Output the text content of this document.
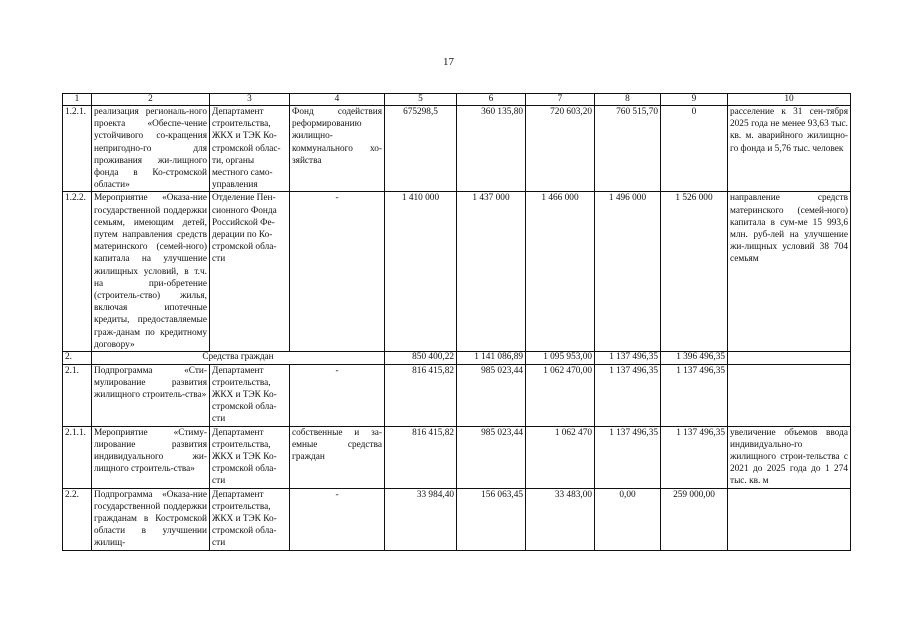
17
1	2	3	4	5	6	7	8	9	10
1.2.1.	реализация региональ-ного проекта «Обеспе-чение устойчивого со-кращения непригодно-го для проживания жи-лищного фонда в Ко-стромской области»	Департамент строительства, ЖКХ и ТЭК Ко-стромской облас-ти, органы местного само-управления	Фонд содействия реформированию жилищно-коммунального хо-зяйства	675298,5	360 135,80	720 603,20	760 515,70	0	расселение к 31 сен-тября 2025 года не менее 93,63 тыс. кв. м. аварийного жилищно-го фонда и 5,76 тыс. человек
1.2.2.	Мероприятие «Оказа-ние государственной поддержки семьям, имеющим детей, путем направления средств материнского (семей-ного) капитала на улучшение жилищных условий, в т.ч. на при-обретение (строитель-ство) жилья, включая ипотечные кредиты, предоставляемые граж-данам по кредитному договору»	Отделение Пен-сионного Фонда Российской Фе-дерации по Ко-стромской обла-сти	-	1 410 000	1 437 000	1 466 000	1 496 000	1 526 000	направление средств материнского (семей-ного) капитала в сум-ме 15 993,6 млн. руб-лей на улучшение жи-лищных условий 38 704 семьям
2.	Средства граждан			850 400,22	1 141 086,89	1 095 953,00	1 137 496,35	1 396 496,35	
2.1.	Подпрограмма «Сти-мулирование развития жилищного строитель-ства»	Департамент строительства, ЖКХ и ТЭК Ко-стромской обла-сти	-	816 415,82	985 023,44	1 062 470,00	1 137 496,35	1 137 496,35	
2.1.1.	Мероприятие «Стиму-лирование развития индивидуального жи-лищного строитель-ства»	Департамент строительства, ЖКХ и ТЭК Ко-стромской обла-сти	собственные и за-емные средства граждан	816 415,82	985 023,44	1 062 470	1 137 496,35	1 137 496,35	увеличение объемов ввода индивидуально-го жилищного строи-тельства с 2021 до 2025 года до 1 274 тыс. кв. м
2.2.	Подпрограмма «Оказа-ние государственной поддержки гражданам в Костромской области в улучшении жилищ-	Департамент строительства, ЖКХ и ТЭК Ко-стромской обла-сти	-	33 984,40	156 063,45	33 483,00	0,00	259 000,00	
